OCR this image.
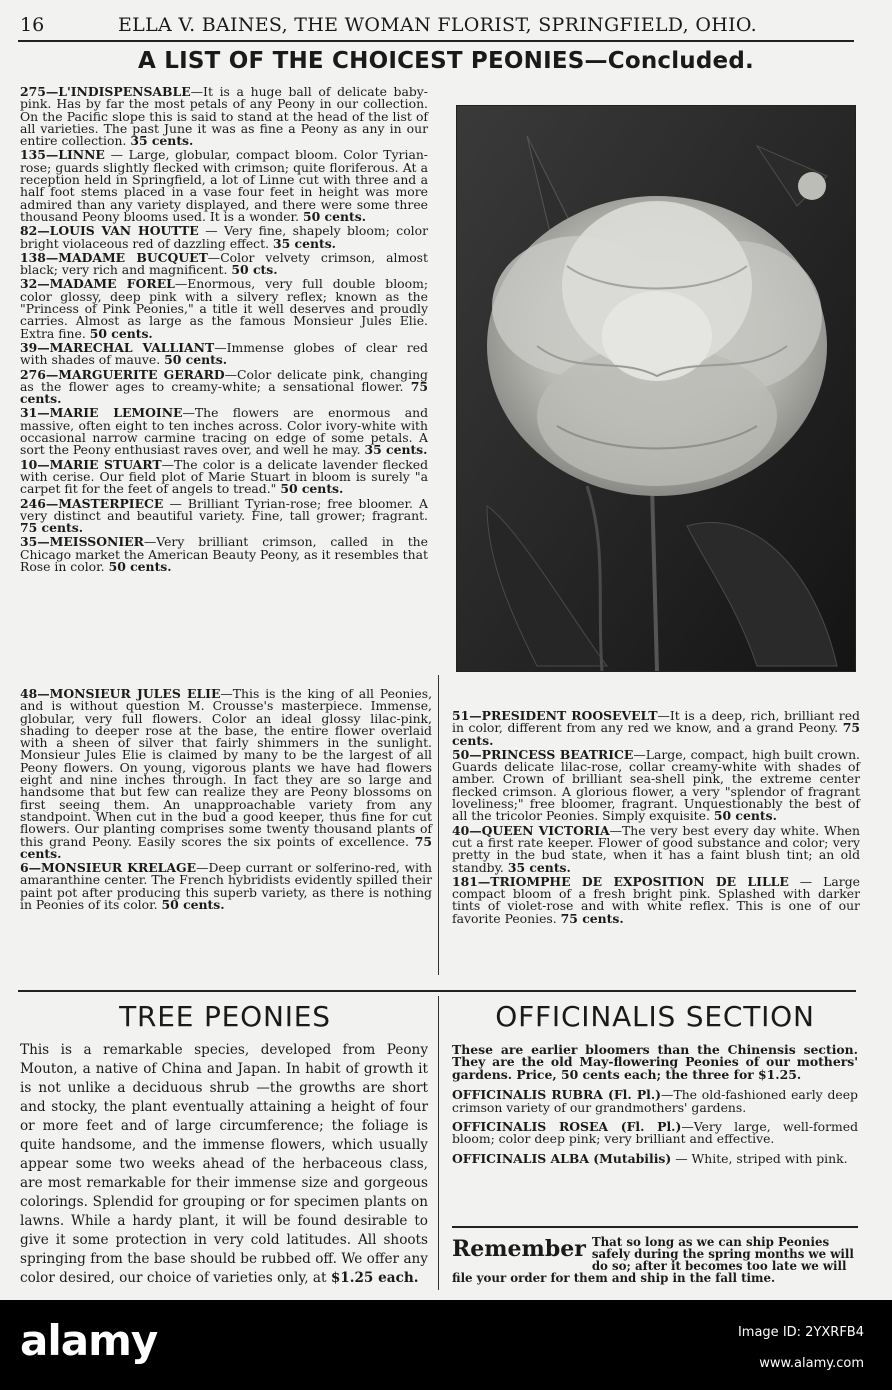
16	ELLA V. BAINES, THE WOMAN FLORIST, SPRINGFIELD, OHIO.
A LIST OF THE CHOICEST PEONIES—Concluded.

275—L'INDISPENSABLE—It is a huge ball of delicate baby-pink. Has by far the most petals of any Peony in our collection. On the Pacific slope this is said to stand at the head of the list of all varieties. The past June it was as fine a Peony as any in our entire collection. 35 cents.

135—LINNE — Large, globular, compact bloom. Color Tyrian-rose; guards slightly flecked with crimson; quite floriferous. At a reception held in Springfield, a lot of Linne cut with three and a half foot stems placed in a vase four feet in height was more admired than any variety displayed, and there were some three thousand Peony blooms used. It is a wonder. 50 cents.

82—LOUIS VAN HOUTTE — Very fine, shapely bloom; color bright violaceous red of dazzling effect. 35 cents.

138—MADAME BUCQUET—Color velvety crimson, almost black; very rich and magnificent. 50 cts.

32—MADAME FOREL—Enormous, very full double bloom; color glossy, deep pink with a silvery reflex; known as the "Princess of Pink Peonies," a title it well deserves and proudly carries. Almost as large as the famous Monsieur Jules Elie. Extra fine. 50 cents.

39—MARECHAL VALLIANT—Immense globes of clear red with shades of mauve. 50 cents.

276—MARGUERITE GERARD—Color delicate pink, changing as the flower ages to creamy-white; a sensational flower. 75 cents.

31—MARIE LEMOINE—The flowers are enormous and massive, often eight to ten inches across. Color ivory-white with occasional narrow carmine tracing on edge of some petals. A sort the Peony enthusiast raves over, and well he may. 35 cents.

10—MARIE STUART—The color is a delicate lavender flecked with cerise. Our field plot of Marie Stuart in bloom is surely "a carpet fit for the feet of angels to tread." 50 cents.

246—MASTERPIECE — Brilliant Tyrian-rose; free bloomer. A very distinct and beautiful variety. Fine, tall grower; fragrant. 75 cents.

35—MEISSONIER—Very brilliant crimson, called in the Chicago market the American Beauty Peony, as it resembles that Rose in color. 50 cents.

48—MONSIEUR JULES ELIE—This is the king of all Peonies, and is without question M. Crousse's masterpiece. Immense, globular, very full flowers. Color an ideal glossy lilac-pink, shading to deeper rose at the base, the entire flower overlaid with a sheen of silver that fairly shimmers in the sunlight. Monsieur Jules Elie is claimed by many to be the largest of all Peony flowers. On young, vigorous plants we have had flowers eight and nine inches through. In fact they are so large and handsome that but few can realize they are Peony blossoms on first seeing them. An unapproachable variety from any standpoint. When cut in the bud a good keeper, thus fine for cut flowers. Our planting comprises some twenty thousand plants of this grand Peony. Easily scores the six points of excellence. 75 cents.

6—MONSIEUR KRELAGE—Deep currant or solferino-red, with amaranthine center. The French hybridists evidently spilled their paint pot after producing this superb variety, as there is nothing in Peonies of its color. 50 cents.

51—PRESIDENT ROOSEVELT—It is a deep, rich, brilliant red in color, different from any red we know, and a grand Peony. 75 cents.

50—PRINCESS BEATRICE—Large, compact, high built crown. Guards delicate lilac-rose, collar creamy-white with shades of amber. Crown of brilliant sea-shell pink, the extreme center flecked crimson. A glorious flower, a very "splendor of fragrant loveliness;" free bloomer, fragrant. Unquestionably the best of all the tricolor Peonies. Simply exquisite. 50 cents.

40—QUEEN VICTORIA—The very best every day white. When cut a first rate keeper. Flower of good substance and color; very pretty in the bud state, when it has a faint blush tint; an old standby. 35 cents.

181—TRIOMPHE DE EXPOSITION DE LILLE — Large compact bloom of a fresh bright pink. Splashed with darker tints of violet-rose and with white reflex. This is one of our favorite Peonies. 75 cents.

TREE PEONIES
This is a remarkable species, developed from Peony Mouton, a native of China and Japan. In habit of growth it is not unlike a deciduous shrub —the growths are short and stocky, the plant eventually attaining a height of four or more feet and of large circumference; the foliage is quite handsome, and the immense flowers, which usually appear some two weeks ahead of the herbaceous class, are most remarkable for their immense size and gorgeous colorings. Splendid for grouping or for specimen plants on lawns. While a hardy plant, it will be found desirable to give it some protection in very cold latitudes. All shoots springing from the base should be rubbed off. We offer any color desired, our choice of varieties only, at $1.25 each.
OFFICINALIS SECTION
These are earlier bloomers than the Chinensis section. They are the old May-flowering Peonies of our mothers' gardens. Price, 50 cents each; the three for $1.25.
OFFICINALIS RUBRA (Fl. Pl.)—The old-fashioned early deep crimson variety of our grandmothers' gardens.
OFFICINALIS ROSEA (Fl. Pl.)—Very large, well-formed bloom; color deep pink; very brilliant and effective.
OFFICINALIS ALBA (Mutabilis) — White, striped with pink.
Remember That so long as we can ship Peonies safely during the spring months we will do so; after it becomes too late we will file your order for them and ship in the fall time.
alamy	Image ID: 2YXRFB4
www.alamy.com
